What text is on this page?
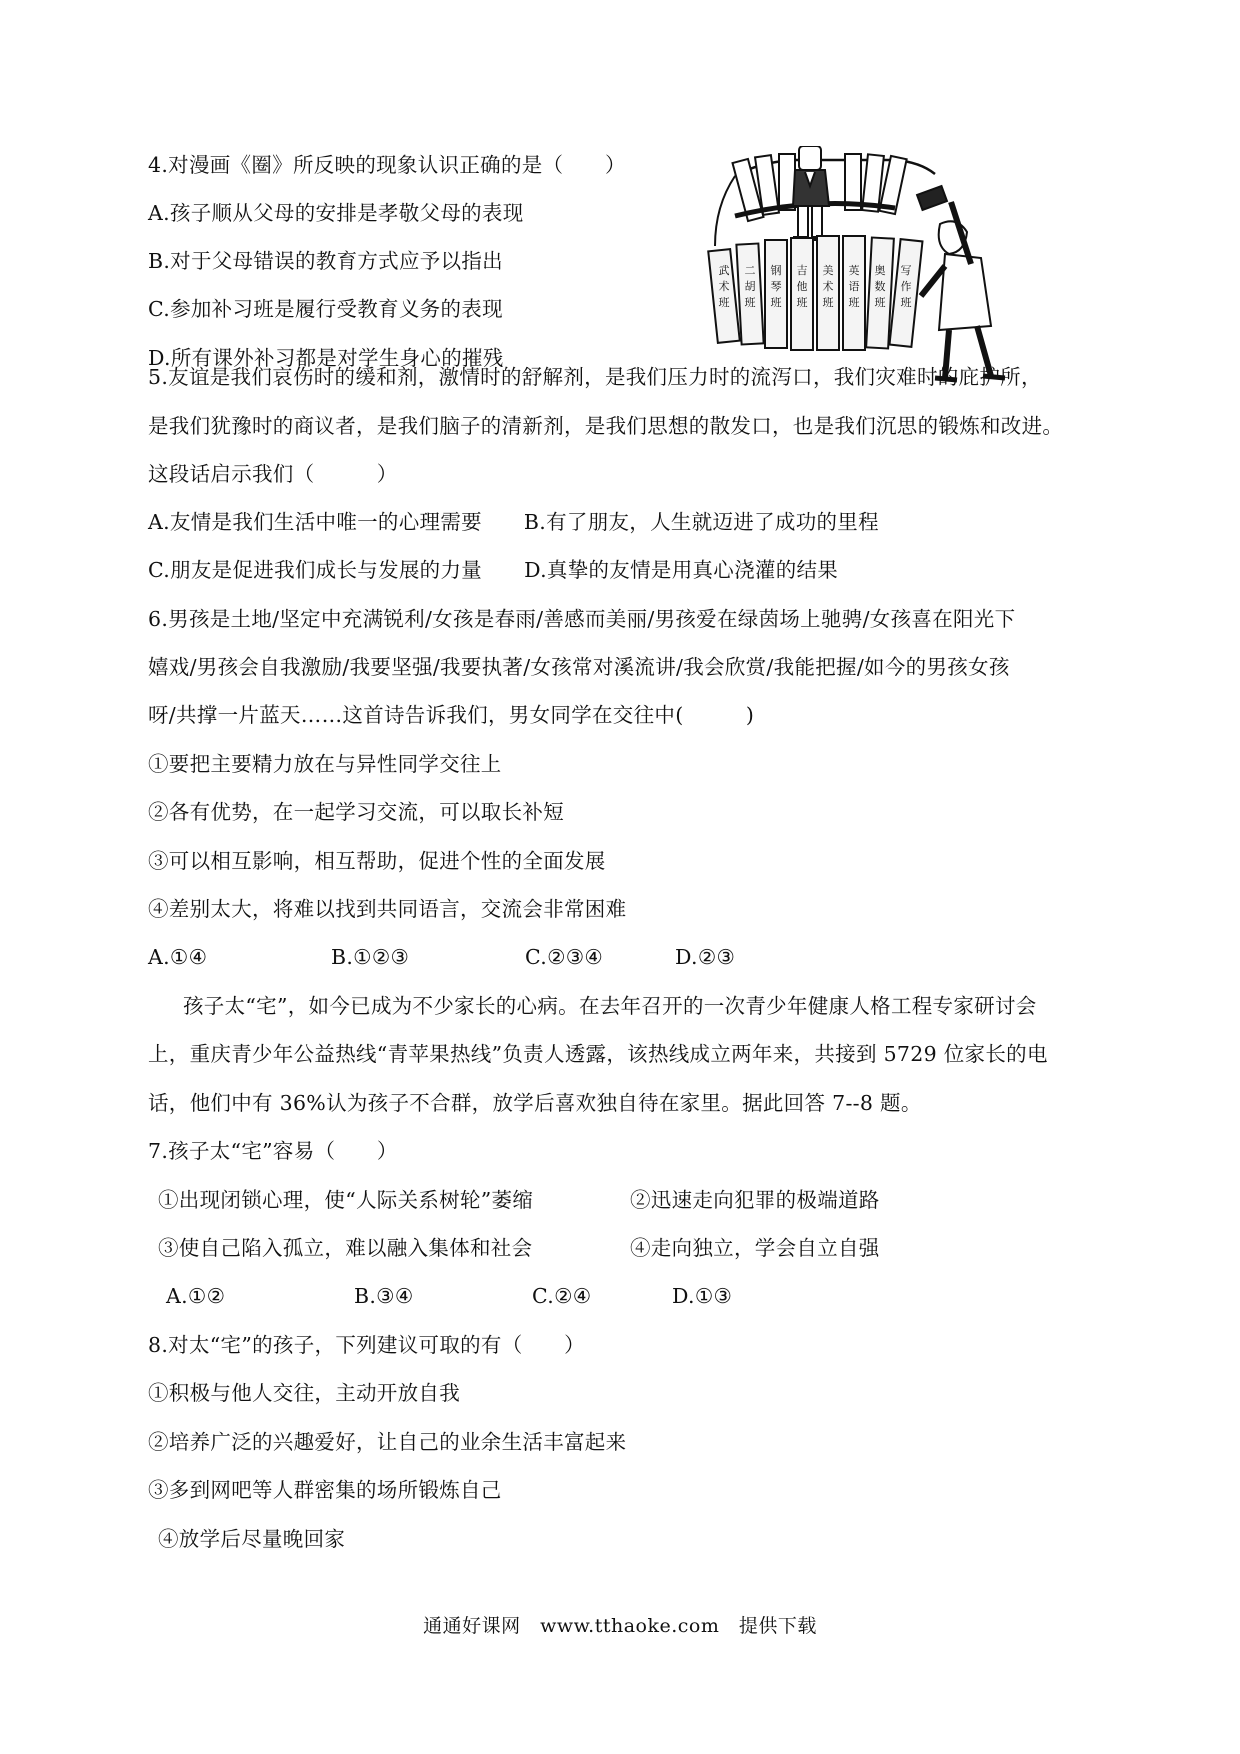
4.对漫画《圈》所反映的现象认识正确的是（　　）
A.孩子顺从父母的安排是孝敬父母的表现
B.对于父母错误的教育方式应予以指出
C.参加补习班是履行受教育义务的表现
D.所有课外补习都是对学生身心的摧残
武
术
班
二
胡
班
钢
琴
班
吉
他
班
美
术
班
英
语
班
奥
数
班
写
作
班
5.友谊是我们哀伤时的缓和剂，激情时的舒解剂，是我们压力时的流泻口，我们灾难时的庇护所，
是我们犹豫时的商议者，是我们脑子的清新剂，是我们思想的散发口，也是我们沉思的锻炼和改进。
这段话启示我们（　　　）
A.友情是我们生活中唯一的心理需要 B.有了朋友，人生就迈进了成功的里程
C.朋友是促进我们成长与发展的力量 D.真挚的友情是用真心浇灌的结果
6.男孩是土地/坚定中充满锐利/女孩是春雨/善感而美丽/男孩爱在绿茵场上驰骋/女孩喜在阳光下
嬉戏/男孩会自我激励/我要坚强/我要执著/女孩常对溪流讲/我会欣赏/我能把握/如今的男孩女孩
呀/共撑一片蓝天……这首诗告诉我们，男女同学在交往中(　　　)
①要把主要精力放在与异性同学交往上
②各有优势，在一起学习交流，可以取长补短
③可以相互影响，相互帮助，促进个性的全面发展
④差别太大，将难以找到共同语言，交流会非常困难
A.①④	B.①②③	C.②③④	D.②③
孩子太“宅”，如今已成为不少家长的心病。在去年召开的一次青少年健康人格工程专家研讨会
上，重庆青少年公益热线“青苹果热线”负责人透露，该热线成立两年来，共接到 5729 位家长的电
话，他们中有 36%认为孩子不合群，放学后喜欢独自待在家里。据此回答 7--8 题。
7.孩子太“宅”容易（　　）
①出现闭锁心理，使“人际关系树轮”萎缩	②迅速走向犯罪的极端道路
③使自己陷入孤立，难以融入集体和社会	④走向独立，学会自立自强
A.①②	B.③④	C.②④	D.①③
8.对太“宅”的孩子，下列建议可取的有（　　）
①积极与他人交往，主动开放自我
②培养广泛的兴趣爱好，让自己的业余生活丰富起来
③多到网吧等人群密集的场所锻炼自己
④放学后尽量晚回家
通通好课网　www.tthaoke.com　提供下载
